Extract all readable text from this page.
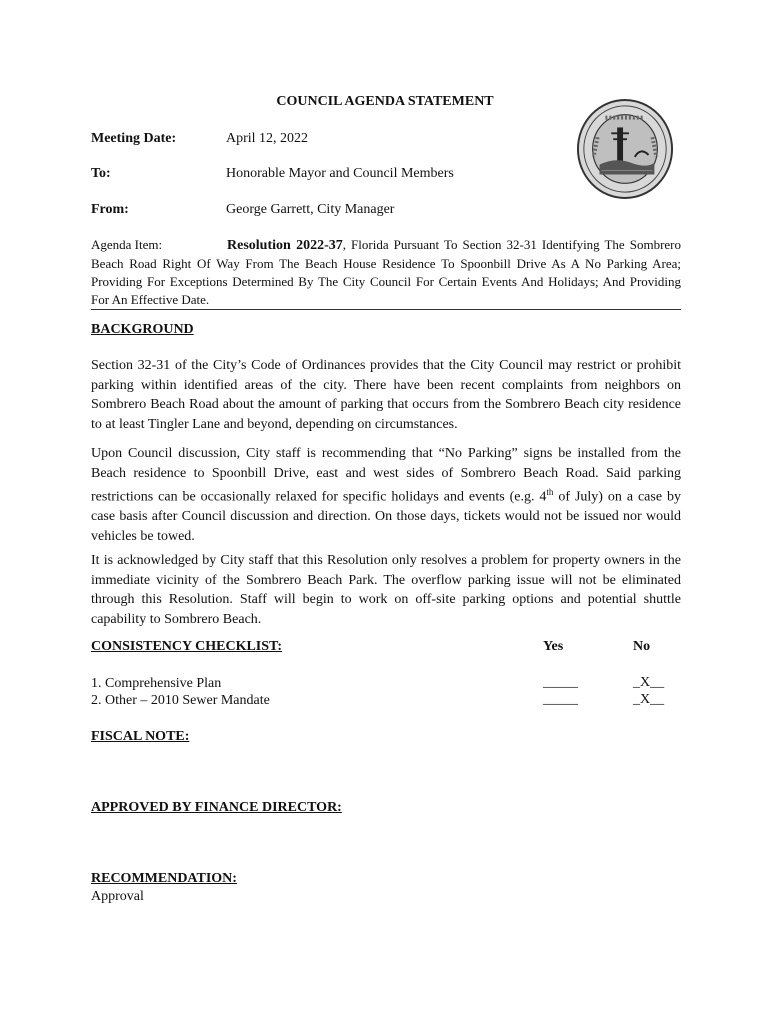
COUNCIL AGENDA STATEMENT
Meeting Date:	April 12, 2022
To:	Honorable Mayor and Council Members
From:	George Garrett, City Manager
Agenda Item:	Resolution 2022-37, Florida Pursuant To Section 32-31 Identifying The Sombrero Beach Road Right Of Way From The Beach House Residence To Spoonbill Drive As A No Parking Area; Providing For Exceptions Determined By The City Council For Certain Events And Holidays; And Providing For An Effective Date.
BACKGROUND
Section 32-31 of the City’s Code of Ordinances provides that the City Council may restrict or prohibit parking within identified areas of the city. There have been recent complaints from neighbors on Sombrero Beach Road about the amount of parking that occurs from the Sombrero Beach city residence to at least Tingler Lane and beyond, depending on circumstances.
Upon Council discussion, City staff is recommending that “No Parking” signs be installed from the Beach residence to Spoonbill Drive, east and west sides of Sombrero Beach Road. Said parking restrictions can be occasionally relaxed for specific holidays and events (e.g. 4th of July) on a case by case basis after Council discussion and direction. On those days, tickets would not be issued nor would vehicles be towed.
It is acknowledged by City staff that this Resolution only resolves a problem for property owners in the immediate vicinity of the Sombrero Beach Park. The overflow parking issue will not be eliminated through this Resolution. Staff will begin to work on off-site parking options and potential shuttle capability to Sombrero Beach.
CONSISTENCY CHECKLIST:	Yes	No
1. Comprehensive Plan	_____	_X__
2. Other – 2010 Sewer Mandate	_____	_X__
FISCAL NOTE:
APPROVED BY FINANCE DIRECTOR:
RECOMMENDATION:
Approval
